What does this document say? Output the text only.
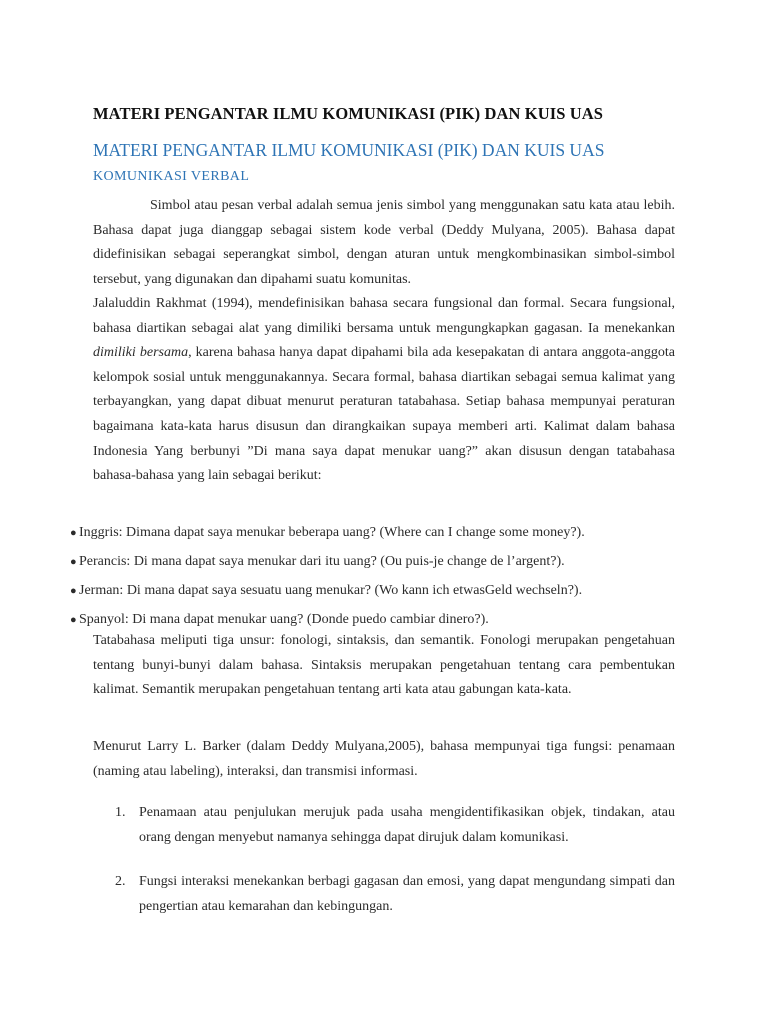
MATERI PENGANTAR ILMU KOMUNIKASI (PIK) DAN KUIS UAS
MATERI PENGANTAR ILMU KOMUNIKASI (PIK) DAN KUIS UAS
KOMUNIKASI VERBAL

Simbol atau pesan verbal adalah semua jenis simbol yang menggunakan satu kata atau lebih. Bahasa dapat juga dianggap sebagai sistem kode verbal (Deddy Mulyana, 2005). Bahasa dapat didefinisikan sebagai seperangkat simbol, dengan aturan untuk mengkombinasikan simbol-simbol tersebut, yang digunakan dan dipahami suatu komunitas.

Jalaluddin Rakhmat (1994), mendefinisikan bahasa secara fungsional dan formal. Secara fungsional, bahasa diartikan sebagai alat yang dimiliki bersama untuk mengungkapkan gagasan. Ia menekankan dimiliki bersama, karena bahasa hanya dapat dipahami bila ada kesepakatan di antara anggota-anggota kelompok sosial untuk menggunakannya. Secara formal, bahasa diartikan sebagai semua kalimat yang terbayangkan, yang dapat dibuat menurut peraturan tatabahasa. Setiap bahasa mempunyai peraturan bagaimana kata-kata harus disusun dan dirangkaikan supaya memberi arti. Kalimat dalam bahasa Indonesia Yang berbunyi ”Di mana saya dapat menukar uang?” akan disusun dengan tatabahasa bahasa-bahasa yang lain sebagai berikut:

● Inggris: Dimana dapat saya menukar beberapa uang? (Where can I change some money?).
● Perancis: Di mana dapat saya menukar dari itu uang? (Ou puis-je change de l’argent?).
● Jerman: Di mana dapat saya sesuatu uang menukar? (Wo kann ich etwasGeld wechseln?).
● Spanyol: Di mana dapat menukar uang? (Donde puedo cambiar dinero?).

Tatabahasa meliputi tiga unsur: fonologi, sintaksis, dan semantik. Fonologi merupakan pengetahuan tentang bunyi-bunyi dalam bahasa. Sintaksis merupakan pengetahuan tentang cara pembentukan kalimat. Semantik merupakan pengetahuan tentang arti kata atau gabungan kata-kata.

Menurut Larry L. Barker (dalam Deddy Mulyana,2005), bahasa mempunyai tiga fungsi: penamaan (naming atau labeling), interaksi, dan transmisi informasi.

1. Penamaan atau penjulukan merujuk pada usaha mengidentifikasikan objek, tindakan, atau orang dengan menyebut namanya sehingga dapat dirujuk dalam komunikasi.
2. Fungsi interaksi menekankan berbagi gagasan dan emosi, yang dapat mengundang simpati dan pengertian atau kemarahan dan kebingungan.
